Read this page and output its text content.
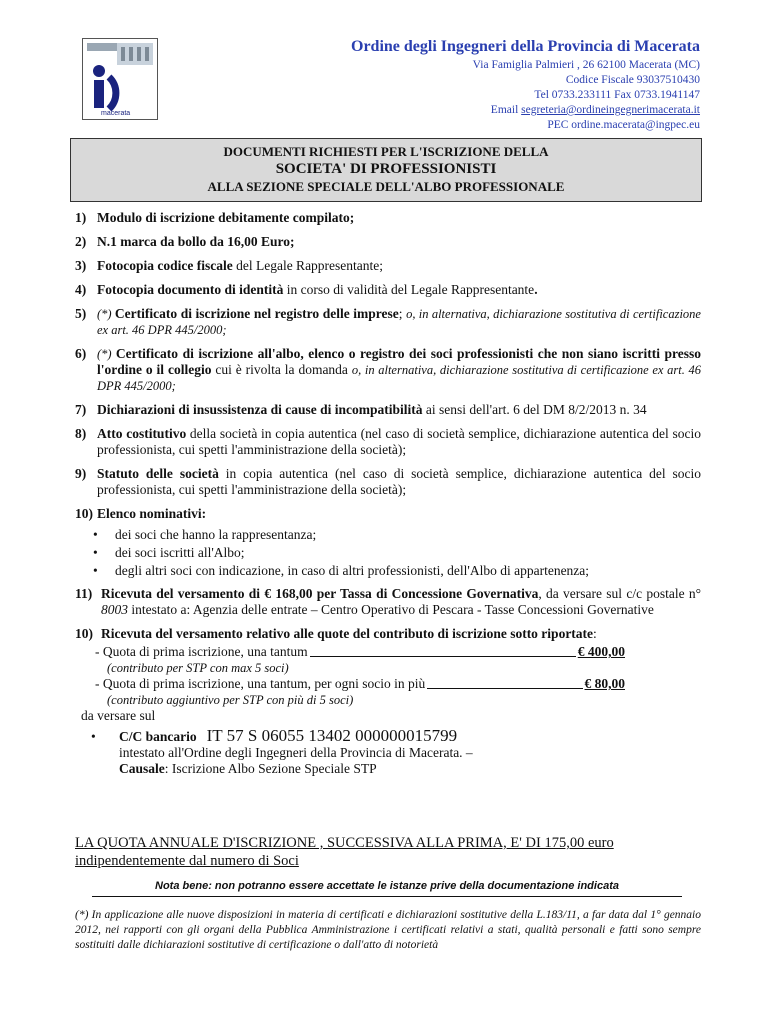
macerata
Ordine degli Ingegneri della Provincia di Macerata
Via Famiglia Palmieri , 26 62100 Macerata (MC)
Codice Fiscale 93037510430
Tel 0733.233111 Fax 0733.1941147
Email segreteria@ordineingegnerimacerata.it
PEC ordine.macerata@ingpec.eu
DOCUMENTI RICHIESTI PER L'ISCRIZIONE DELLA
SOCIETA' DI PROFESSIONISTI
ALLA SEZIONE SPECIALE DELL'ALBO PROFESSIONALE
1) Modulo di iscrizione debitamente compilato;
2) N.1 marca da bollo da 16,00 Euro;
3) Fotocopia codice fiscale del Legale Rappresentante;
4) Fotocopia documento di identità in corso di validità del Legale Rappresentante.
5) (*) Certificato di iscrizione nel registro delle imprese; o, in alternativa, dichiarazione sostitutiva di certificazione ex art. 46 DPR 445/2000;
6) (*) Certificato di iscrizione all'albo, elenco o registro dei soci professionisti che non siano iscritti presso l'ordine o il collegio cui è rivolta la domanda o, in alternativa, dichiarazione sostitutiva di certificazione ex art. 46 DPR 445/2000;
7) Dichiarazioni di insussistenza di cause di incompatibilità ai sensi dell'art. 6 del DM 8/2/2013 n. 34
8) Atto costitutivo della società in copia autentica (nel caso di società semplice, dichiarazione autentica del socio professionista, cui spetti l'amministrazione della società);
9) Statuto delle società in copia autentica (nel caso di società semplice, dichiarazione autentica del socio professionista, cui spetti l'amministrazione della società);
10) Elenco nominativi:
•	dei soci che hanno la rappresentanza;
•	dei soci iscritti all'Albo;
•	degli altri soci con indicazione, in caso di altri professionisti, dell'Albo di appartenenza;
11) Ricevuta del versamento di € 168,00 per Tassa di Concessione Governativa, da versare sul c/c postale n° 8003 intestato a: Agenzia delle entrate – Centro Operativo di Pescara - Tasse Concessioni Governative
10) Ricevuta del versamento relativo alle quote del contributo di iscrizione sotto riportate:
- Quota di prima iscrizione, una tantum	€ 400,00
(contributo per STP con max 5 soci)
- Quota di prima iscrizione, una tantum, per ogni socio in più	€ 80,00
(contributo aggiuntivo per STP con più di 5 soci)
da versare sul
•	C/C bancario IT 57 S 06055 13402 000000015799
intestato all'Ordine degli Ingegneri della Provincia di Macerata. –
Causale: Iscrizione Albo Sezione Speciale STP
LA QUOTA ANNUALE D'ISCRIZIONE , SUCCESSIVA ALLA PRIMA, E' DI 175,00 euro
indipendentemente dal numero di Soci
Nota bene: non potranno essere accettate le istanze prive della documentazione indicata
(*) In applicazione alle nuove disposizioni in materia di certificati e dichiarazioni sostitutive della L.183/11, a far data dal 1° gennaio 2012, nei rapporti con gli organi della Pubblica Amministrazione i certificati relativi a stati, qualità personali e fatti sono sempre sostituiti dalle dichiarazioni sostitutive di certificazione o dall'atto di notorietà
